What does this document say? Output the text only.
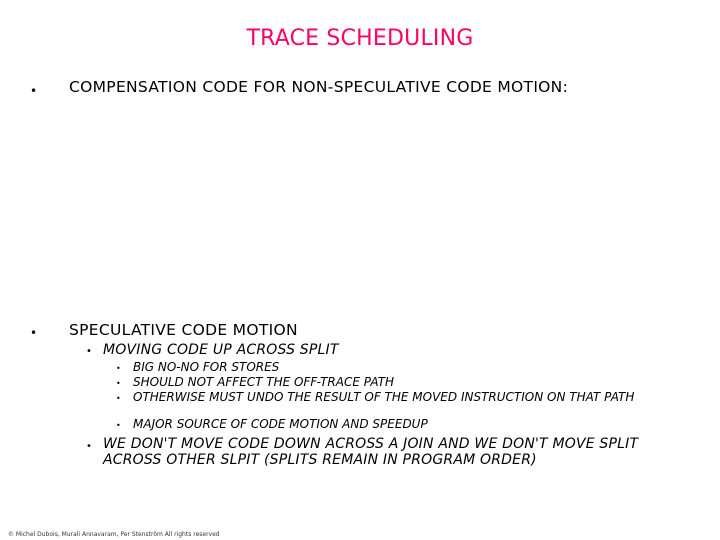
TRACE SCHEDULING
• COMPENSATION CODE FOR NON-SPECULATIVE CODE MOTION:
• SPECULATIVE CODE MOTION
• MOVING CODE UP ACROSS SPLIT
• BIG NO-NO FOR STORES
• SHOULD NOT AFFECT THE OFF-TRACE PATH
• OTHERWISE MUST UNDO THE RESULT OF THE MOVED INSTRUCTION ON THAT PATH
• MAJOR SOURCE OF CODE MOTION AND SPEEDUP
• WE DON'T MOVE CODE DOWN ACROSS A JOIN AND WE DON'T MOVE SPLIT ACROSS OTHER SLPIT (SPLITS REMAIN IN PROGRAM ORDER)
© Michel Dubois, Murali Annavaram, Per Stenström All rights reserved
